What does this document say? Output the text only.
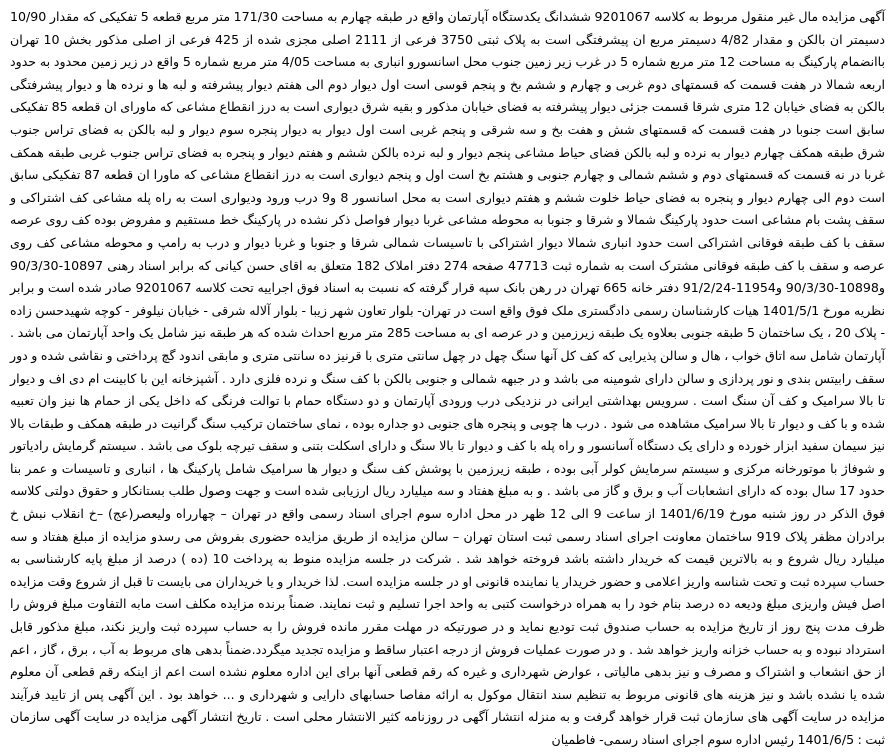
آگهی مزایده مال غیر منقول مربوط به کلاسه 9201067 ششدانگ یکدستگاه آپارتمان واقع در طبقه چهارم به مساحت 171/30 متر مربع قطعه 5 تفکیکی که مقدار 10/90 دسیمتر ان بالکن و مقدار 4/82 دسیمتر مربع ان پیشرفتگی است به پلاک ثبتی 3750 فرعی از 2111 اصلی مجزی شده از 425 فرعی از اصلی مذکور بخش 10 تهران باانضمام پارکینگ به مساحت 12 متر مربع شماره 5 در غرب زیر زمین جنوب محل اسانسورو انباری به مساحت 4/05 متر مربع شماره 5 واقع در زیر زمین محدود به حدود اربعه شمالا در هفت قسمت که قسمتهای دوم غربی و چهارم و ششم بخ و پنجم قوسی است اول دیوار دوم الی هفتم دیوار پیشرفته و لبه ها و نرده ها و دیوار پیشرفتگی بالکن به فضای خیابان 12 متری شرقا قسمت جزئی دیوار پیشرفته به فضای خیابان مذکور و بقیه شرق دیواری است به درز انقطاع مشاعی که ماورای ان قطعه 85 تفکیکی سابق است جنوبا در هفت قسمت که قسمتهای شش و هفت بخ و سه شرقی و پنجم غربی است اول دیوار به دیوار پنجره سوم دیوار و لبه بالکن به فضای تراس جنوب شرق طبقه همکف چهارم دیوار به نرده و لبه بالکن فضای حیاط مشاعی پنجم دیوار و لبه نرده بالکن ششم و هفتم دیوار و پنجره به فضای تراس جنوب غربی طبقه همکف غربا در نه قسمت که قسمتهای دوم و ششم شمالی و چهارم جنوبی و هشتم بخ است اول و پنجم دیواری است به درز انقطاع مشاعی که ماورا ان قطعه 87 تفکیکی سابق است دوم الی چهارم دیوار و پنجره به فضای حیاط خلوت ششم و هفتم دیواری است به محل اسانسور 8 و9 درب ورود ودیواری است به راه پله مشاعی کف اشتراکی و سقف پشت بام مشاعی است حدود پارکینگ شمالا و شرقا و جنوبا به محوطه مشاعی غربا دیوار فواصل ذکر نشده در پارکینگ خط مستقیم و مفروض بوده کف روی عرصه سقف با کف طبقه فوقانی اشتراکی است حدود انباری شمالا دیوار اشتراکی با تاسیسات شمالی شرقا و جنوبا و غربا دیوار و درب به رامپ و محوطه مشاعی کف روی عرصه و سقف با کف طبقه فوقانی مشترک است به شماره ثبت 47713 صفحه 274 دفتر املاک 182 متعلق به اقای حسن کیانی که برابر اسناد رهنی 10897-90/3/30 و10898-90/3/30 و11954-91/2/24 دفتر خانه 665 تهران در رهن بانک سپه قرار گرفته که نسبت به اسناد فوق اجراییه تحت کلاسه 9201067 صادر شده است و برابر نظریه مورخ 1401/5/1 هیات کارشناسان رسمی دادگستری ملک فوق واقع است در تهران- بلوار تعاون شهر زیبا - بلوار آلاله شرقی - خیابان نیلوفر - کوچه شهیدحسن زاده - پلاک 20 ، یک ساختمان 5 طبقه جنوبی بعلاوه یک طبقه زیرزمین و در عرصه ای به مساحت 285 متر مربع احداث شده که هر طبقه نیز شامل یک واحد آپارتمان می باشد . آپارتمان شامل سه اتاق خواب ، هال و سالن پذیرایی که کف کل آنها سنگ چهل در چهل سانتی متری با قرنیز ده سانتی متری و مابقی اندود گچ پرداختی و نقاشی شده و دور سقف رابیتس بندی و نور پردازی و سالن دارای شومینه می باشد و در جبهه شمالی و جنوبی بالکن با کف سنگ و نرده فلزی دارد . آشپزخانه این با کابینت ام دی اف و دیوار تا بالا سرامیک و کف آن سنگ است . سرویس بهداشتی ایرانی در نزدیکی درب ورودی آپارتمان و دو دستگاه حمام با توالت فرنگی که داخل یکی از حمام ها نیز وان تعبیه شده و با کف و دیوار تا بالا سرامیک مشاهده می شود . درب ها چوبی و پنجره های جنوبی دو جداره بوده ، نمای ساختمان ترکیب سنگ گرانیت در طبقه همکف و طبقات بالا نیز سیمان سفید ابزار خورده و دارای یک دستگاه آسانسور و راه پله با کف و دیوار تا بالا سنگ و دارای اسکلت بتنی و سقف تیرچه بلوک می باشد . سیستم گرمایش رادیاتور و شوفاژ با موتورخانه مرکزی و سیستم سرمایش کولر آبی بوده ، طبقه زیرزمین با پوشش کف سنگ و دیوار ها سرامیک شامل پارکینگ ها ، انباری و تاسیسات و عمر بنا حدود 17 سال بوده که دارای انشعابات آب و برق و گاز می باشد . و به مبلغ هفتاد و سه میلیارد ریال ارزیابی شده است و جهت وصول طلب بستانکار و حقوق دولتی کلاسه فوق الذکر در روز شنبه مورخ 1401/6/19 از ساعت 9 الی 12 ظهر در محل اداره سوم اجرای اسناد رسمی واقع در تهران – چهارراه ولیعصر(عج) –خ انقلاب نبش خ برادران مظفر پلاک 919 ساختمان معاونت اجرای اسناد رسمی ثبت استان تهران – سالن مزایده از طریق مزایده حضوری بفروش می رسدو مزایده از مبلغ هفتاد و سه میلیارد ریال شروع و به بالاترین قیمت که خریدار داشته باشد فروخته خواهد شد . شرکت در جلسه مزایده منوط به پرداخت 10 (ده ) درصد از مبلغ پایه کارشناسی به حساب سپرده ثبت و تحت شناسه واریز اعلامی و حضور خریدار یا نماینده قانونی او در جلسه مزایده است. لذا خریدار و یا خریداران می بایست تا قبل از شروع وقت مزایده اصل فیش واریزی مبلغ ودیعه ده درصد بنام خود را به همراه درخواست کتبی به واحد اجرا تسلیم و ثبت نمایند. ضمناً برنده مزایده مکلف است مابه التفاوت مبلغ فروش را ظرف مدت پنج روز از تاریخ مزایده به حساب صندوق ثبت تودیع نماید و در صورتیکه در مهلت مقرر مانده فروش را به حساب سپرده ثبت واریز نکند، مبلغ مذکور قابل استرداد نبوده و به حساب خزانه واریز خواهد شد . و در صورت عملیات فروش از درجه اعتبار ساقط و مزایده تجدید میگردد.ضمناً بدهی های مربوط به آب ، برق ، گاز ، اعم از حق انشعاب و اشتراک و مصرف و نیز بدهی مالیاتی ، عوارض شهرداری و غیره که رقم قطعی آنها برای این اداره معلوم نشده است اعم از اینکه رقم قطعی آن معلوم شده یا نشده باشد و نیز هزینه های قانونی مربوط به تنظیم سند انتقال موکول به ارائه مفاصا حسابهای دارایی و شهرداری و ... خواهد بود . این آگهی پس از تایید فرآیند مزایده در سایت آگهی های سازمان ثبت قرار خواهد گرفت و به منزله انتشار آگهی در روزنامه کثیر الانتشار محلی است . تاریخ انتشار آگهی مزایده در سایت آگهی سازمان ثبت : 1401/6/5 رئیس اداره سوم اجرای اسناد رسمی- فاطمیان
